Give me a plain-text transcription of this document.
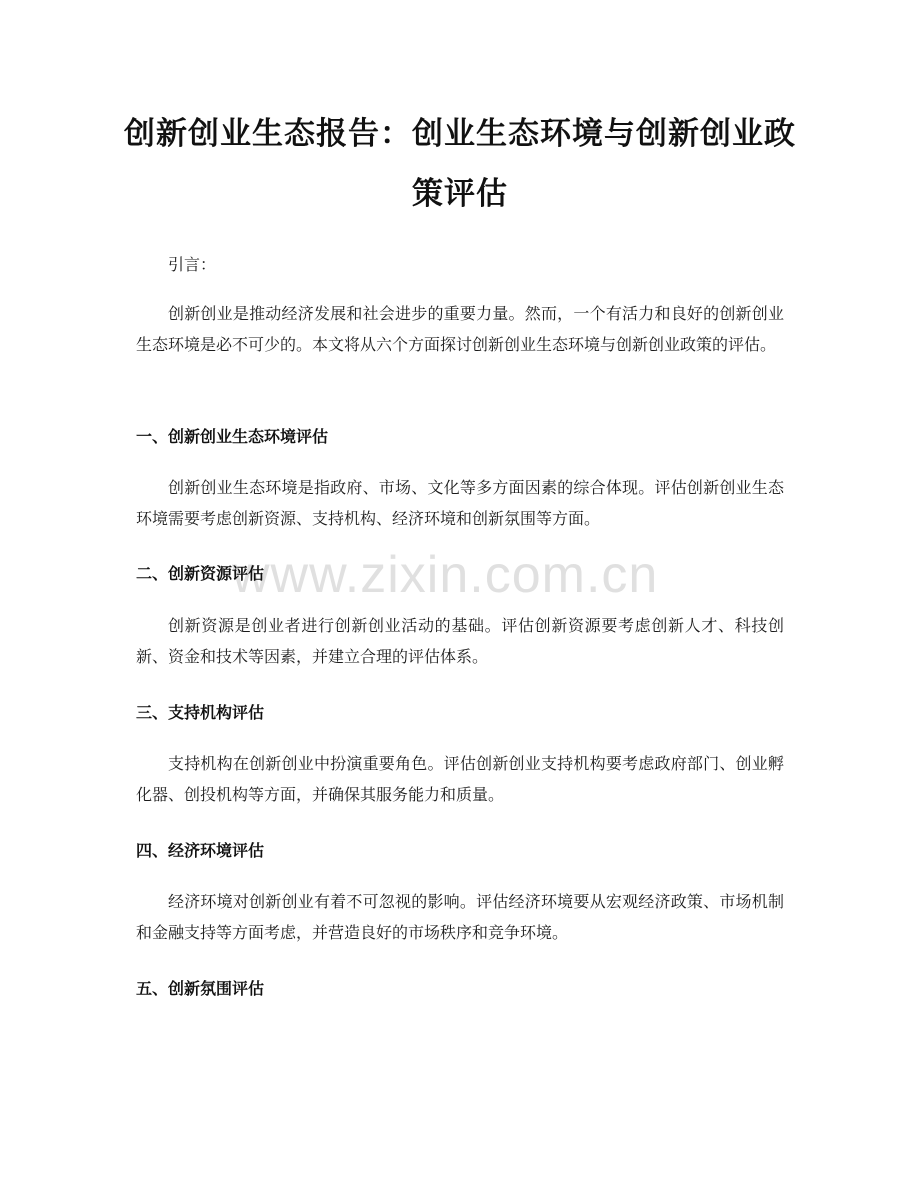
创新创业生态报告：创业生态环境与创新创业政策评估
www.zixin.com.cn

引言：

创新创业是推动经济发展和社会进步的重要力量。然而，一个有活力和良好的创新创业生态环境是必不可少的。本文将从六个方面探讨创新创业生态环境与创新创业政策的评估。

一、创新创业生态环境评估

创新创业生态环境是指政府、市场、文化等多方面因素的综合体现。评估创新创业生态环境需要考虑创新资源、支持机构、经济环境和创新氛围等方面。

二、创新资源评估

创新资源是创业者进行创新创业活动的基础。评估创新资源要考虑创新人才、科技创新、资金和技术等因素，并建立合理的评估体系。

三、支持机构评估

支持机构在创新创业中扮演重要角色。评估创新创业支持机构要考虑政府部门、创业孵化器、创投机构等方面，并确保其服务能力和质量。

四、经济环境评估

经济环境对创新创业有着不可忽视的影响。评估经济环境要从宏观经济政策、市场机制和金融支持等方面考虑，并营造良好的市场秩序和竞争环境。

五、创新氛围评估
